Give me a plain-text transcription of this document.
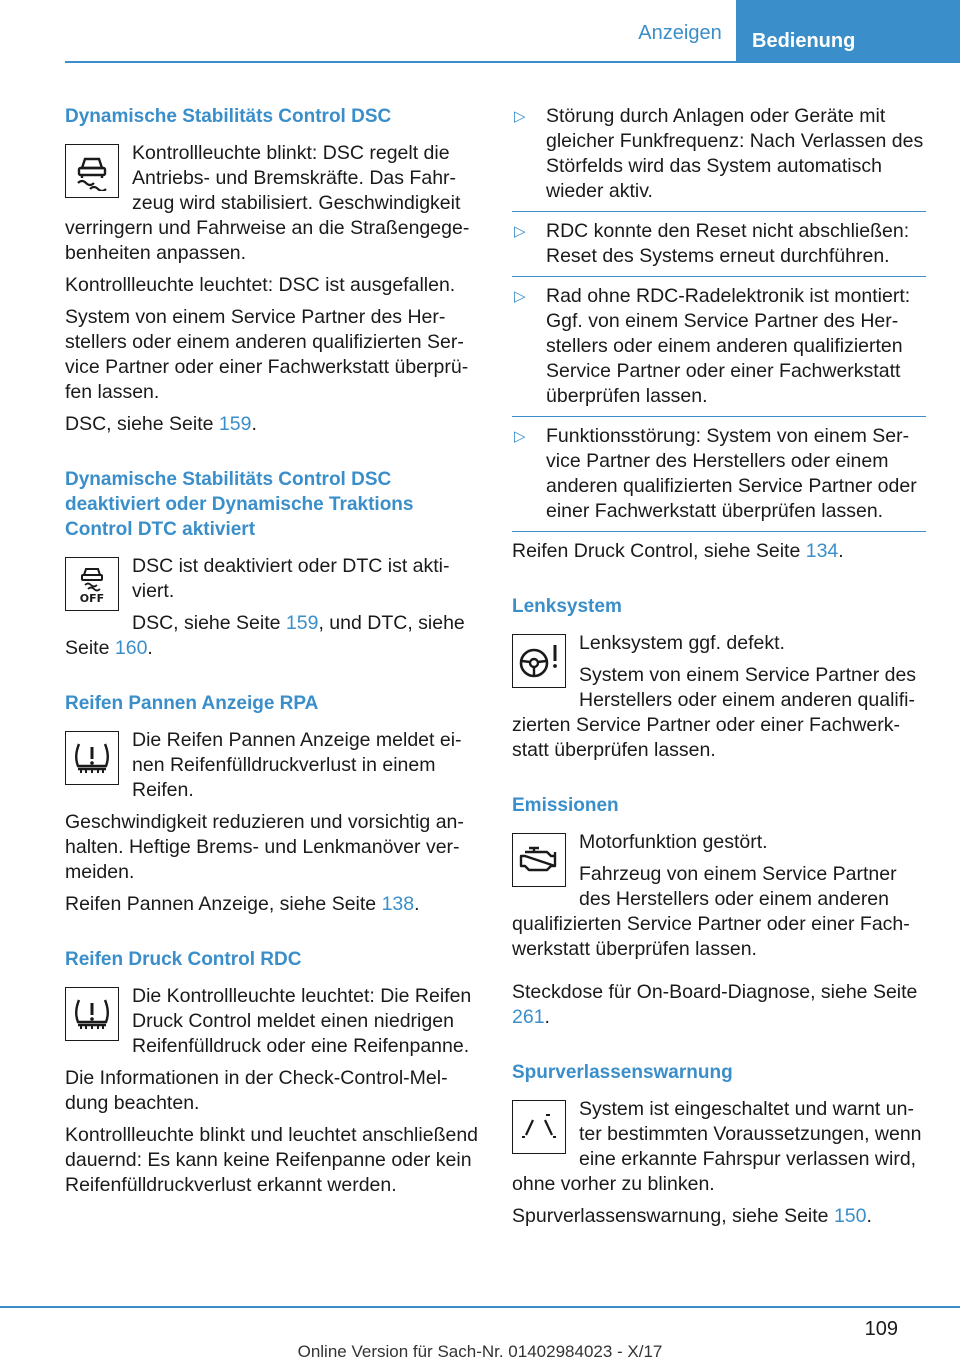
Anzeigen	Bedienung
Dynamische Stabilitäts Control DSC

Kontrollleuchte blinkt: DSC regelt die Antriebs- und Bremskräfte. Das Fahrzeug wird stabilisiert. Geschwindigkeit verringern und Fahrweise an die Straßengegebenheiten anpassen.

Kontrollleuchte leuchtet: DSC ist ausgefallen.

System von einem Service Partner des Herstellers oder einem anderen qualifizierten Service Partner oder einer Fachwerkstatt überprüfen lassen.

DSC, siehe Seite 159.

Dynamische Stabilitäts Control DSC deaktiviert oder Dynamische Traktions Control DTC aktiviert
OFF

DSC ist deaktiviert oder DTC ist aktiviert.

DSC, siehe Seite 159, und DTC, siehe Seite 160.

Reifen Pannen Anzeige RPA

Die Reifen Pannen Anzeige meldet einen Reifenfülldruckverlust in einem Reifen.

Geschwindigkeit reduzieren und vorsichtig anhalten. Heftige Brems- und Lenkmanöver vermeiden.

Reifen Pannen Anzeige, siehe Seite 138.

Reifen Druck Control RDC

Die Kontrollleuchte leuchtet: Die Reifen Druck Control meldet einen niedrigen Reifenfülldruck oder eine Reifenpanne.

Die Informationen in der Check-Control-Meldung beachten.

Kontrollleuchte blinkt und leuchtet anschließend dauernd: Es kann keine Reifenpanne oder kein Reifenfülldruckverlust erkannt werden.

▷ Störung durch Anlagen oder Geräte mit gleicher Funkfrequenz: Nach Verlassen des Störfelds wird das System automatisch wieder aktiv.
▷ RDC konnte den Reset nicht abschließen: Reset des Systems erneut durchführen.
▷ Rad ohne RDC-Radelektronik ist montiert: Ggf. von einem Service Partner des Herstellers oder einem anderen qualifizierten Service Partner oder einer Fachwerkstatt überprüfen lassen.
▷ Funktionsstörung: System von einem Service Partner des Herstellers oder einem anderen qualifizierten Service Partner oder einer Fachwerkstatt überprüfen lassen.

Reifen Druck Control, siehe Seite 134.

Lenksystem

Lenksystem ggf. defekt.

System von einem Service Partner des Herstellers oder einem anderen qualifizierten Service Partner oder einer Fachwerkstatt überprüfen lassen.

Emissionen

Motorfunktion gestört.

Fahrzeug von einem Service Partner des Herstellers oder einem anderen qualifizierten Service Partner oder einer Fachwerkstatt überprüfen lassen.

Steckdose für On-Board-Diagnose, siehe Seite 261.

Spurverlassenswarnung

System ist eingeschaltet und warnt unter bestimmten Voraussetzungen, wenn eine erkannte Fahrspur verlassen wird, ohne vorher zu blinken.

Spurverlassenswarnung, siehe Seite 150.

109
Online Version für Sach-Nr. 01402984023 - X/17
